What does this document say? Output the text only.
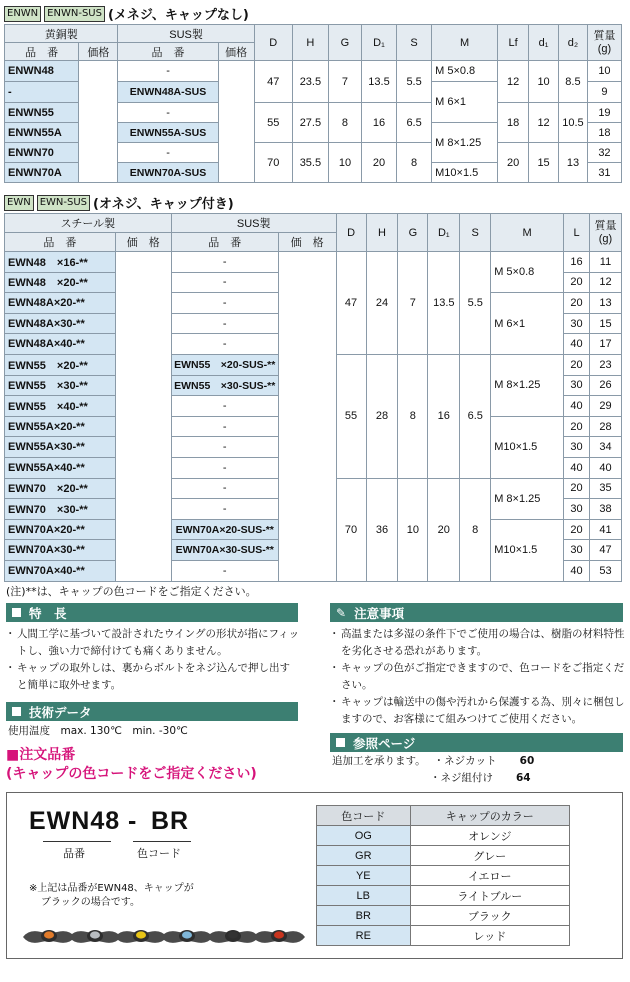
ENWN ENWN-SUS (メネジ、キャップなし)
黄銅製		SUS製		D	H	G	D₁	S	M	Lf	d₁	d₂	質量(g)
品　番	価格	品　番	価格										
ENWN48		-		47	23.5	7	13.5	5.5	M 5×0.8	12	10	8.5	10
-		ENWN48A-SUS							M 6×1				9
ENWN55		-		55	27.5	8	16	6.5		18	12	10.5	19
ENWN55A		ENWN55A-SUS							M 8×1.25				18
ENWN70		-		70	35.5	10	20	8		20	15	13	32
ENWN70A		ENWN70A-SUS							M10×1.5				31
EWN EWN-SUS (オネジ、キャップ付き)
スチール製		SUS製		D	H	G	D₁	S	M	L	質量(g)
品　番	価　格	品　番	価　格								
EWN48　×16-**		-		47	24	7	13.5	5.5	M 5×0.8	16	11
EWN48　×20-**		-								20	12
EWN48A×20-**		-							M 6×1	20	13
EWN48A×30-**		-								30	15
EWN48A×40-**		-								40	17
EWN55　×20-**		EWN55　×20-SUS-**		55	28	8	16	6.5	M 8×1.25	20	23
EWN55　×30-**		EWN55　×30-SUS-**								30	26
EWN55　×40-**		-								40	29
EWN55A×20-**		-							M10×1.5	20	28
EWN55A×30-**		-								30	34
EWN55A×40-**		-								40	40
EWN70　×20-**		-		70	36	10	20	8	M 8×1.25	20	35
EWN70　×30-**		-								30	38
EWN70A×20-**		EWN70A×20-SUS-**							M10×1.5	20	41
EWN70A×30-**		EWN70A×30-SUS-**								30	47
EWN70A×40-**		-								40	53
(注)**は、キャップの色コードをご指定ください。
特　長
・ 人間工学に基づいて設計されたウイングの形状が指にフィットし、強い力で締付けても痛くありません。
・ キャップの取外しは、裏からボルトをネジ込んで押し出すと簡単に取外せます。
技術データ
使用温度　max. 130℃　min. -30℃
✎ 注意事項
・ 高温または多湿の条件下でご使用の場合は、樹脂の材料特性を劣化させる恐れがあります。
・ キャップの色がご指定できますので、色コードをご指定ください。
・ キャップは輸送中の傷や汚れから保護する為、別々に梱包しますので、お客様にて組みつけてご使用ください。
参照ページ
追加工を承ります。 ・ネジカット	60
・ネジ組付け	64
■注文品番
(キャップの色コードをご指定ください)
EWN48 - BR
品番	色コード
※上記は品番がEWN48、キャップが
ブラックの場合です。
色コード	キャップのカラー
OG	オレンジ
GR	グレー
YE	イエロー
LB	ライトブルー
BR	ブラック
RE	レッド
